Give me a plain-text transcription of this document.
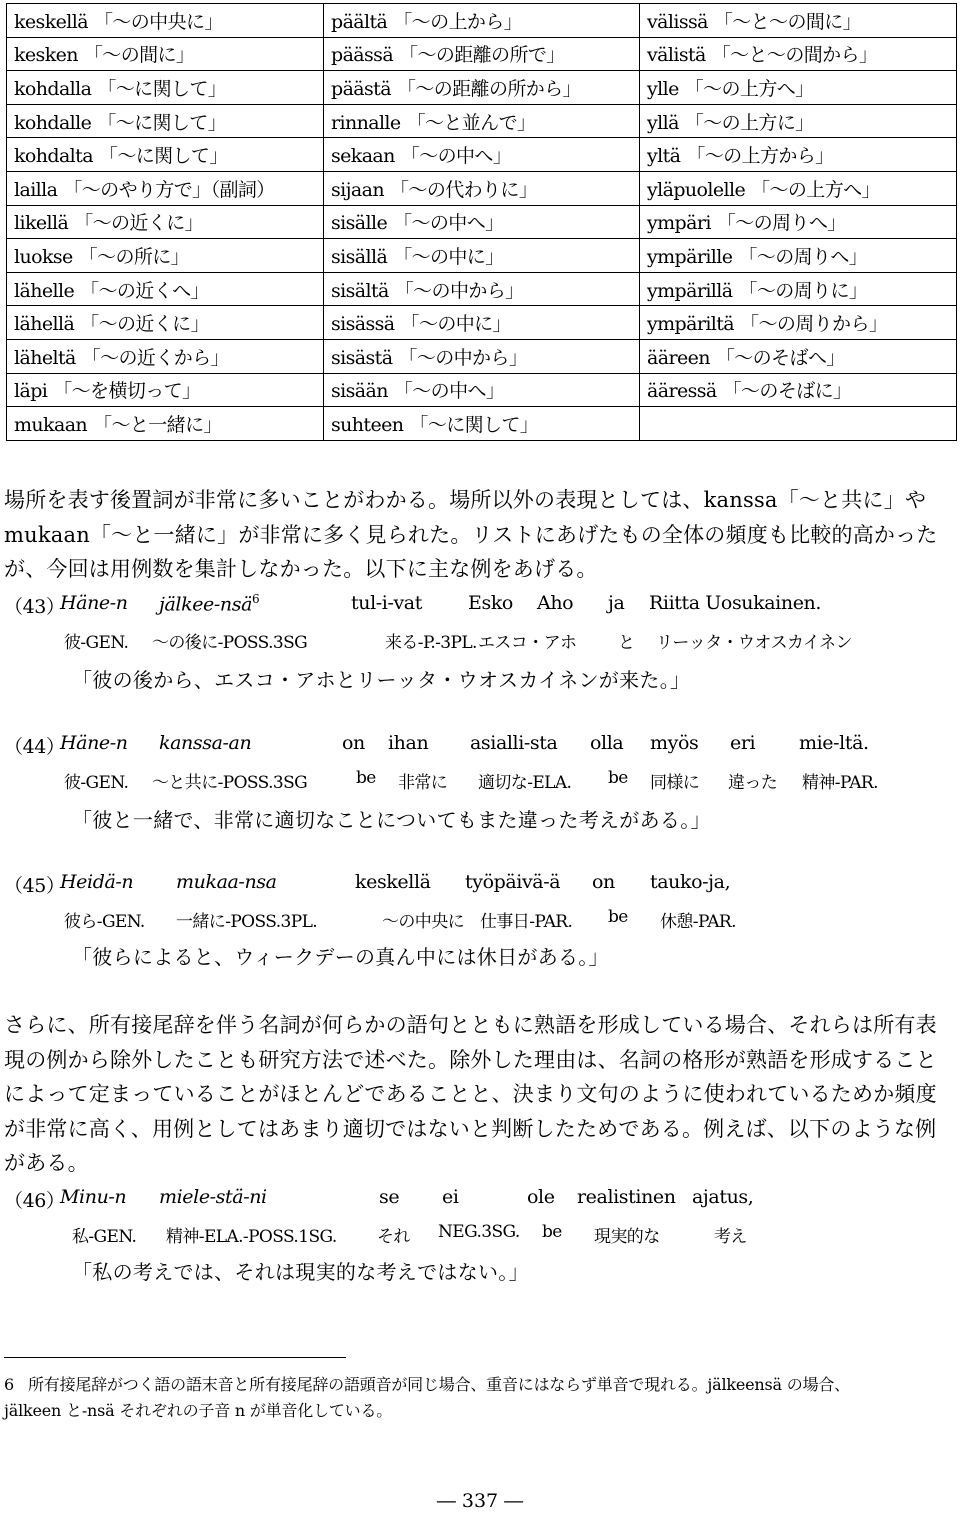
keskellä 「〜の中央に」	päältä 「〜の上から」	välissä 「〜と〜の間に」
kesken 「〜の間に」	päässä 「〜の距離の所で」	välistä 「〜と〜の間から」
kohdalla 「〜に関して」	päästä 「〜の距離の所から」	ylle 「〜の上方へ」
kohdalle 「〜に関して」	rinnalle 「〜と並んで」	yllä 「〜の上方に」
kohdalta 「〜に関して」	sekaan 「〜の中へ」	yltä 「〜の上方から」
lailla 「〜のやり方で」（副詞）	sijaan 「〜の代わりに」	yläpuolelle 「〜の上方へ」
likellä 「〜の近くに」	sisälle 「〜の中へ」	ympäri 「〜の周りへ」
luokse 「〜の所に」	sisällä 「〜の中に」	ympärille 「〜の周りへ」
lähelle 「〜の近くへ」	sisältä 「〜の中から」	ympärillä 「〜の周りに」
lähellä 「〜の近くに」	sisässä 「〜の中に」	ympäriltä 「〜の周りから」
läheltä 「〜の近くから」	sisästä 「〜の中から」	ääreen 「〜のそばへ」
läpi 「〜を横切って」	sisään 「〜の中へ」	ääressä 「〜のそばに」
mukaan 「〜と一緒に」	suhteen 「〜に関して」	
場所を表す後置詞が非常に多いことがわかる。場所以外の表現としては、kanssa「〜と共に」や mukaan「〜と一緒に」が非常に多く見られた。リストにあげたもの全体の頻度も比較的高かったが、今回は用例数を集計しなかった。以下に主な例をあげる。
（43）
Häne-n jälkee-nsä$^6$	tul-i-vat Esko Aho ja Riitta Uosukainen.
彼-GEN. 〜の後に-POSS.3SG	来る-P.-3PL. エスコ・アホ と リーッタ・ウオスカイネン
「彼の後から、エスコ・アホとリーッタ・ウオスカイネンが来た。」
（44）
Häne-n kanssa-an	on ihan asialli-sta olla myös eri mie-ltä.
彼-GEN. 〜と共に-POSS.3SG	be 非常に 適切な-ELA. be 同様に 違った 精神-PAR.
「彼と一緒で、非常に適切なことについてもまた違った考えがある。」
（45）
Heidä-n mukaa-nsa	keskellä työpäivä-ä on tauko-ja,
彼ら-GEN. 一緒に-POSS.3PL.	〜の中央に 仕事日-PAR. be 休憩-PAR.
「彼らによると、ウィークデーの真ん中には休日がある。」
さらに、所有接尾辞を伴う名詞が何らかの語句とともに熟語を形成している場合、それらは所有表現の例から除外したことも研究方法で述べた。除外した理由は、名詞の格形が熟語を形成することによって定まっていることがほとんどであることと、決まり文句のように使われているためか頻度が非常に高く、用例としてはあまり適切ではないと判断したためである。例えば、以下のような例がある。
（46）
Minu-n miele-stä-ni	se ei	ole realistinen ajatus,
私-GEN. 精神-ELA.-POSS.1SG. それ NEG.3SG. be 現実的な	考え
「私の考えでは、それは現実的な考えではない。」
6 所有接尾辞がつく語の語末音と所有接尾辞の語頭音が同じ場合、重音にはならず単音で現れる。jälkeensä の場合、
jälkeen と-nsä それぞれの子音 n が単音化している。
― 337 ―
